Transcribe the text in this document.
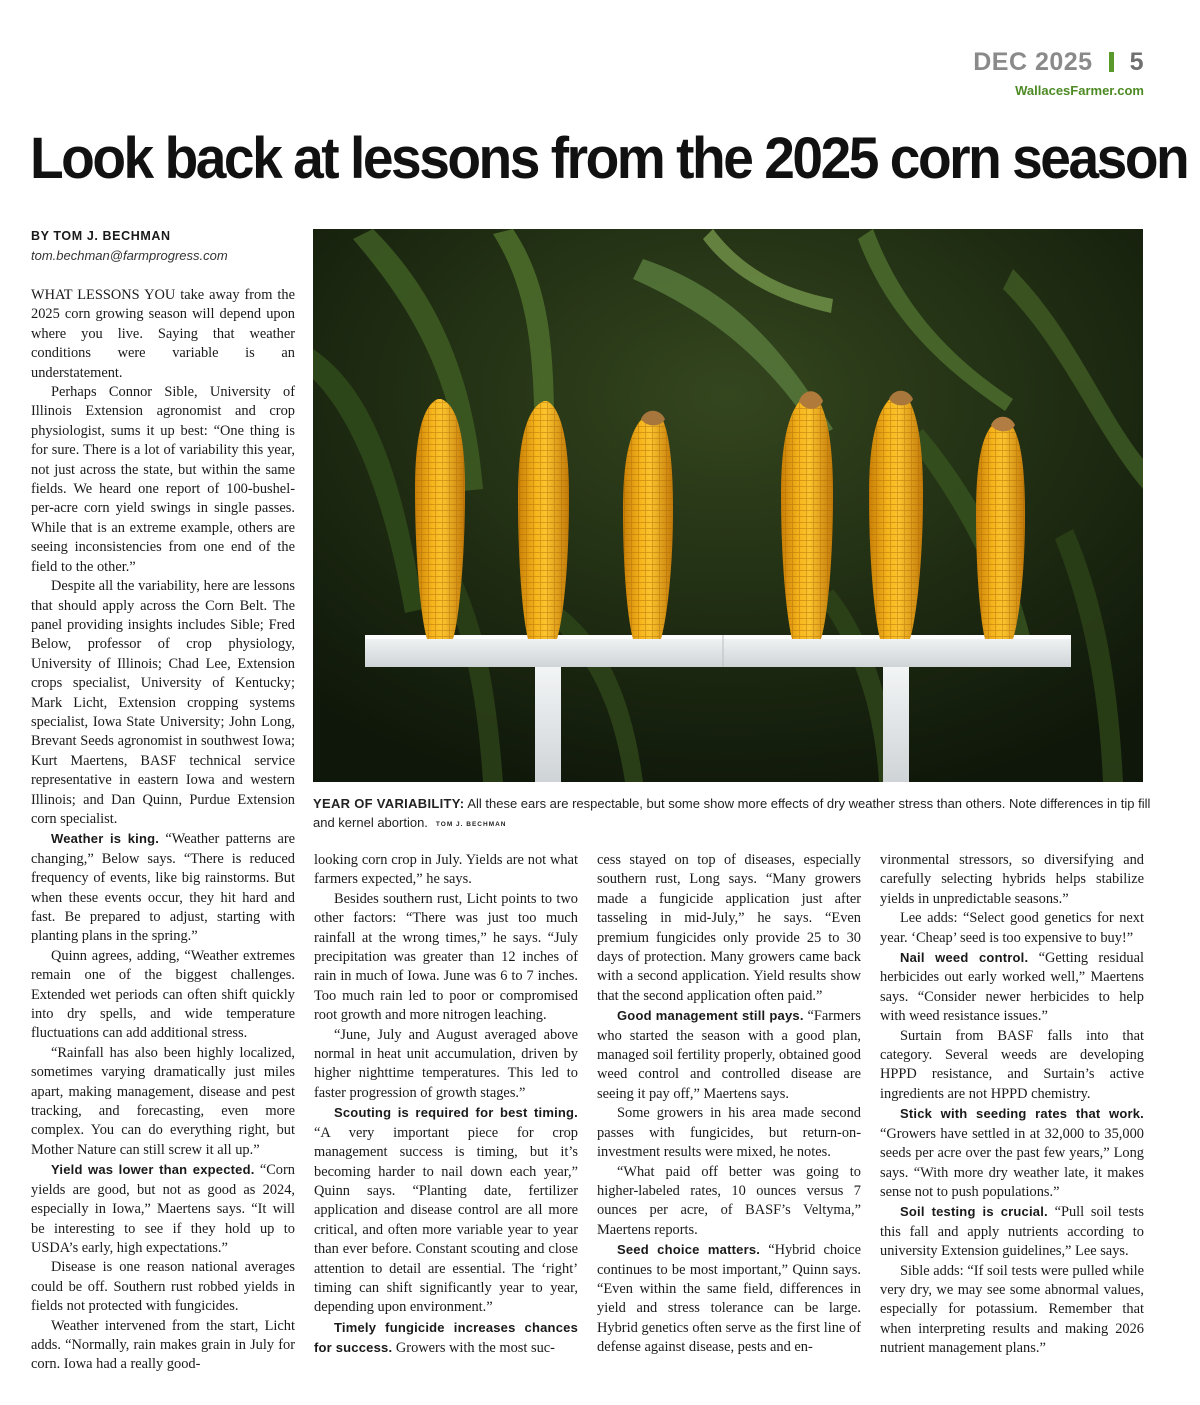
DEC 2025 5
WallacesFarmer.com
Look back at lessons from the 2025 corn season
BY TOM J. BECHMAN
tom.bechman@farmprogress.com
YEAR OF VARIABILITY: All these ears are respectable, but some show more effects of dry weather stress than others. Note differences in tip fill and kernel abortion. TOM J. BECHMAN

WHAT LESSONS YOU take away from the 2025 corn growing season will depend upon where you live. Saying that weather conditions were variable is an understatement.

Perhaps Connor Sible, University of Illinois Extension agronomist and crop physiologist, sums it up best: “One thing is for sure. There is a lot of variability this year, not just across the state, but within the same fields. We heard one report of 100-bushel-per-acre corn yield swings in single passes. While that is an extreme example, others are seeing inconsistencies from one end of the field to the other.”

Despite all the variability, here are lessons that should apply across the Corn Belt. The panel providing insights includes Sible; Fred Below, professor of crop physiology, University of Illinois; Chad Lee, Extension crops specialist, University of Kentucky; Mark Licht, Extension cropping systems specialist, Iowa State University; John Long, Brevant Seeds agronomist in southwest Iowa; Kurt Maertens, BASF technical service representative in eastern Iowa and western Illinois; and Dan Quinn, Purdue Extension corn specialist.

Weather is king. “Weather patterns are changing,” Below says. “There is reduced frequency of events, like big rainstorms. But when these events occur, they hit hard and fast. Be prepared to adjust, starting with planting plans in the spring.”

Quinn agrees, adding, “Weather extremes remain one of the biggest challenges. Extended wet periods can often shift quickly into dry spells, and wide temperature fluctuations can add additional stress.

“Rainfall has also been highly localized, sometimes varying dramatically just miles apart, making management, disease and pest tracking, and forecasting, even more complex. You can do everything right, but Mother Nature can still screw it all up.”

Yield was lower than expected. “Corn yields are good, but not as good as 2024, especially in Iowa,” Maertens says. “It will be interesting to see if they hold up to USDA’s early, high expectations.”

Disease is one reason national averages could be off. Southern rust robbed yields in fields not protected with fungicides.

Weather intervened from the start, Licht adds. “Normally, rain makes grain in July for corn. Iowa had a really good-

looking corn crop in July. Yields are not what farmers expected,” he says.

Besides southern rust, Licht points to two other factors: “There was just too much rainfall at the wrong times,” he says. “July precipitation was greater than 12 inches of rain in much of Iowa. June was 6 to 7 inches. Too much rain led to poor or compromised root growth and more nitrogen leaching.

“June, July and August averaged above normal in heat unit accumulation, driven by higher nighttime temperatures. This led to faster progression of growth stages.”

Scouting is required for best timing. “A very important piece for crop management success is timing, but it’s becoming harder to nail down each year,” Quinn says. “Planting date, fertilizer application and disease control are all more critical, and often more variable year to year than ever before. Constant scouting and close attention to detail are essential. The ‘right’ timing can shift significantly year to year, depending upon environment.”

Timely fungicide increases chances for success. Growers with the most suc-

cess stayed on top of diseases, especially southern rust, Long says. “Many growers made a fungicide application just after tasseling in mid-July,” he says. “Even premium fungicides only provide 25 to 30 days of protection. Many growers came back with a second application. Yield results show that the second application often paid.”

Good management still pays. “Farmers who started the season with a good plan, managed soil fertility properly, obtained good weed control and controlled disease are seeing it pay off,” Maertens says.

Some growers in his area made second passes with fungicides, but return-on-investment results were mixed, he notes.

“What paid off better was going to higher-labeled rates, 10 ounces versus 7 ounces per acre, of BASF’s Veltyma,” Maertens reports.

Seed choice matters. “Hybrid choice continues to be most important,” Quinn says. “Even within the same field, differences in yield and stress tolerance can be large. Hybrid genetics often serve as the first line of defense against disease, pests and en-

vironmental stressors, so diversifying and carefully selecting hybrids helps stabilize yields in unpredictable seasons.”

Lee adds: “Select good genetics for next year. ‘Cheap’ seed is too expensive to buy!”

Nail weed control. “Getting residual herbicides out early worked well,” Maertens says. “Consider newer herbicides to help with weed resistance issues.”

Surtain from BASF falls into that category. Several weeds are developing HPPD resistance, and Surtain’s active ingredients are not HPPD chemistry.

Stick with seeding rates that work. “Growers have settled in at 32,000 to 35,000 seeds per acre over the past few years,” Long says. “With more dry weather late, it makes sense not to push populations.”

Soil testing is crucial. “Pull soil tests this fall and apply nutrients according to university Extension guidelines,” Lee says.

Sible adds: “If soil tests were pulled while very dry, we may see some abnormal values, especially for potassium. Remember that when interpreting results and making 2026 nutrient management plans.”
